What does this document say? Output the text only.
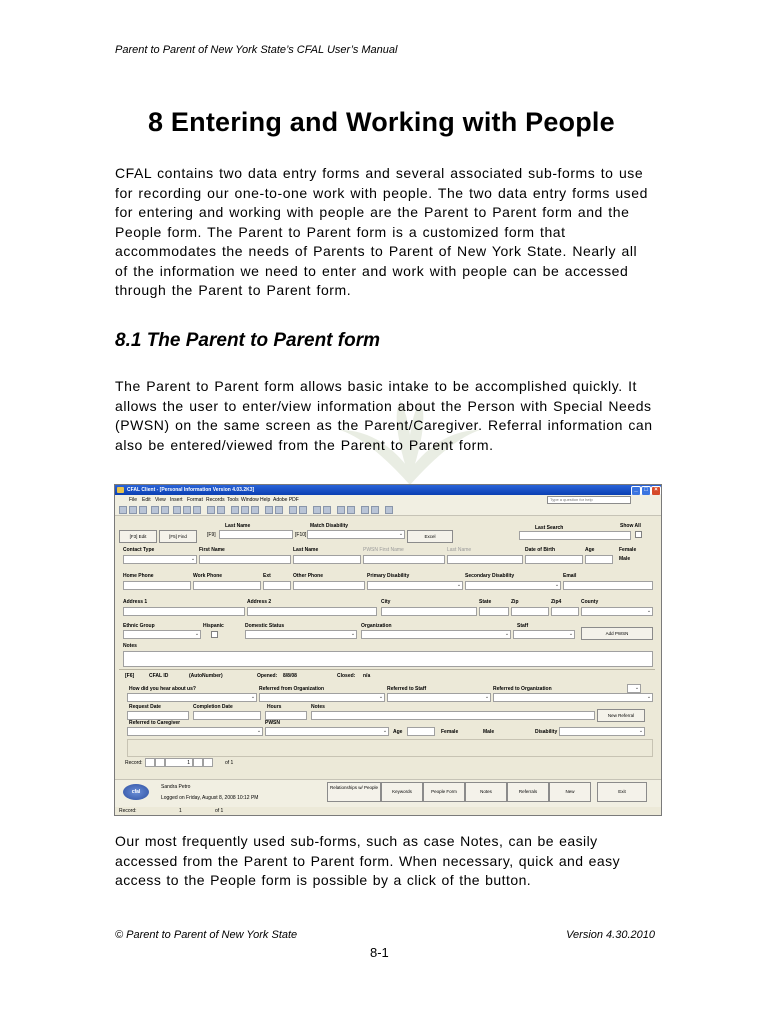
Parent to Parent of New York State’s CFAL User’s Manual
8 Entering and Working with People

CFAL contains two data entry forms and several associated sub-forms to use for recording our one-to-one work with people. The two data entry forms used for entering and working with people are the Parent to Parent form and the People form. The Parent to Parent form is a customized form that accommodates the needs of Parents to Parent of New York State. Nearly all of the information we need to enter and work with people can be accessed through the Parent to Parent form.

8.1 The Parent to Parent form

The Parent to Parent form allows basic intake to be accomplished quickly. It allows the user to enter/view information about the Person with Special Needs (PWSN) on the same screen as the Parent/Caregiver. Referral information can also be entered/viewed from the Parent to Parent form.

CFAL Client - [Personal Information Version 4.03.2K3]	_	□	×
File Edit View Insert Format Records Tools Window Help Adobe PDF	Type a question for help
Last Name	Match Disability	Last Search	Show All
[F3] Edit	[F5] Find	[F9]	[F10]	⌄	Excel
Contact Type	First Name	Last Name	PWSN First Name	Last Name	Date of Birth	Age	Female
Male
⌄
Home Phone	Work Phone	Ext	Other Phone	Primary Disability	Secondary Disability	Email
⌄	⌄
Address 1	Address 2	City	State	Zip	Zip4	County
⌄
Ethnic Group	Hispanic	Domestic Status	Organization	Staff
⌄	⌄	⌄	⌄	Add PWSN
Notes
[F6]	CFAL ID	(AutoNumber)	Opened: 8/8/08	Closed: n/a
How did you hear about us?	Referred from Organization	Referred to Staff	Referred to Organization	⌄
⌄	⌄	⌄	⌄
Request Date	Completion Date	Hours	Notes
New Referral
Referred to Caregiver	PWSN
Age	Female	Male	Disability
⌄	⌄	⌄
Record:	1	of 1
cfal
Sandra Petro
Logged on Friday, August 8, 2008 10:12 PM
Relationships w/ People
Keywords	People Form	Notes	Referrals	New	Exit
Record:	1	of 1

Our most frequently used sub-forms, such as case Notes, can be easily accessed from the Parent to Parent form. When necessary, quick and easy access to the People form is possible by a click of the button.

© Parent to Parent of New York State	Version 4.30.2010
8-1
